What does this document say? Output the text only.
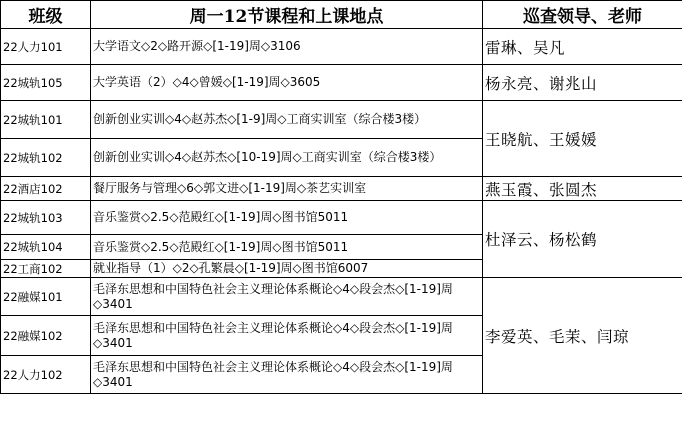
班级	周一12节课程和上课地点	巡查领导、老师
22人力101	大学语文◇2◇路开源◇[1-19]周◇3106	雷琳、吴凡
22城轨105	大学英语（2）◇4◇曾媛◇[1-19]周◇3605	杨永亮、谢兆山
22城轨101	创新创业实训◇4◇赵苏杰◇[1-9]周◇工商实训室（综合楼3楼）	王晓航、王媛媛
22城轨102	创新创业实训◇4◇赵苏杰◇[10-19]周◇工商实训室（综合楼3楼）	
22酒店102	餐厅服务与管理◇6◇郭文进◇[1-19]周◇茶艺实训室	燕玉霞、张圆杰
22城轨103	音乐鉴赏◇2.5◇范殿红◇[1-19]周◇图书馆5011	杜泽云、杨松鹤
22城轨104	音乐鉴赏◇2.5◇范殿红◇[1-19]周◇图书馆5011	
22工商102	就业指导（1）◇2◇孔繁晨◇[1-19]周◇图书馆6007	
22融媒101	毛泽东思想和中国特色社会主义理论体系概论◇4◇段会杰◇[1-19]周◇3401	李爱英、毛茉、闫琼
22融媒102	毛泽东思想和中国特色社会主义理论体系概论◇4◇段会杰◇[1-19]周◇3401	
22人力102	毛泽东思想和中国特色社会主义理论体系概论◇4◇段会杰◇[1-19]周◇3401	
